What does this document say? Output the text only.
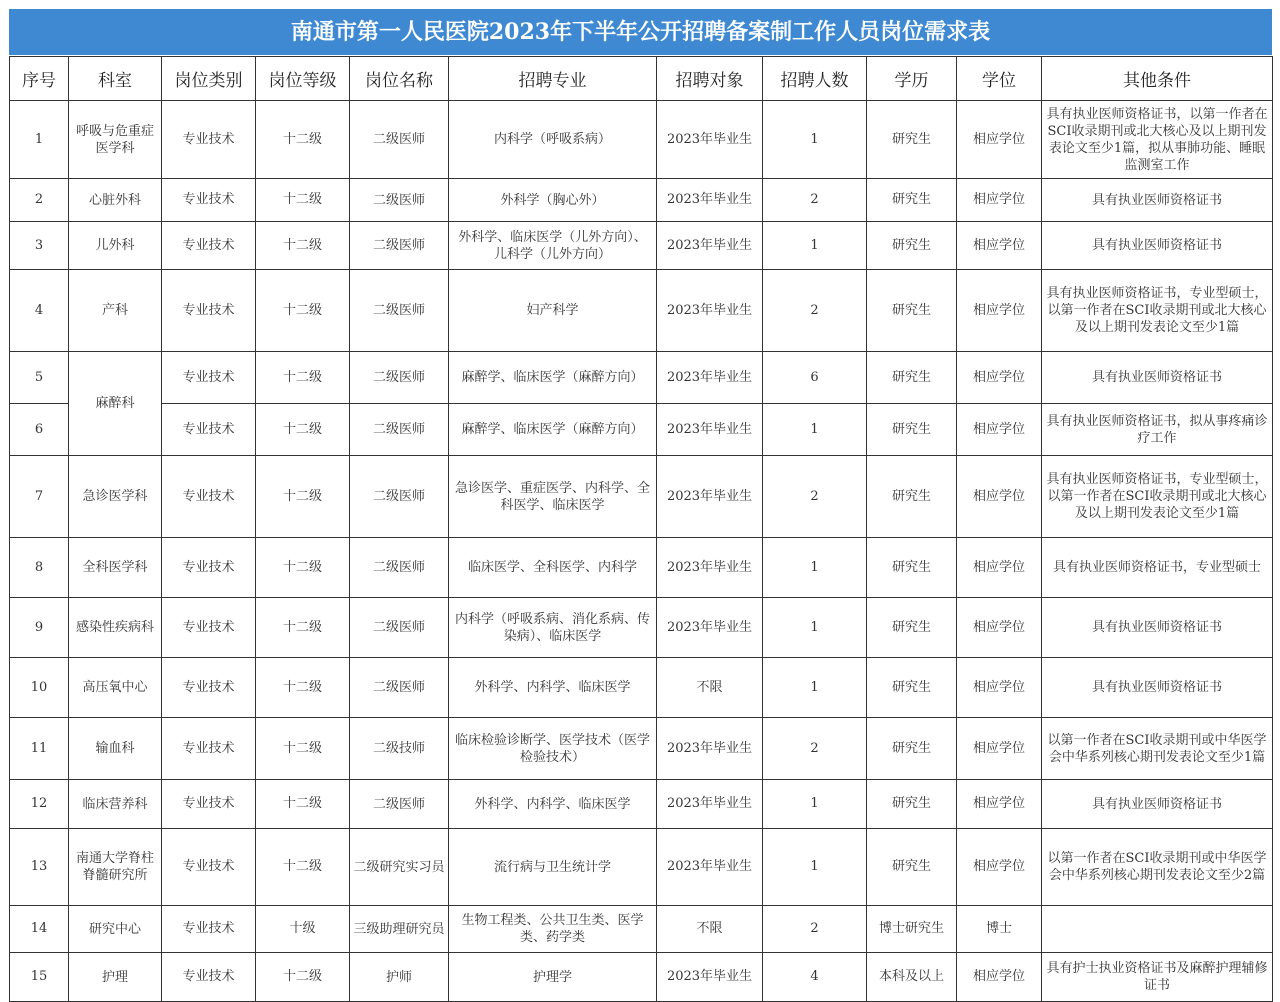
南通市第一人民医院2023年下半年公开招聘备案制工作人员岗位需求表
序号	科室	岗位类别	岗位等级	岗位名称	招聘专业	招聘对象	招聘人数	学历	学位	其他条件
1	呼吸与危重症医学科	专业技术	十二级	二级医师	内科学（呼吸系病）	2023年毕业生	1	研究生	相应学位	具有执业医师资格证书，以第一作者在SCI收录期刊或北大核心及以上期刊发表论文至少1篇，拟从事肺功能、睡眠监测室工作
2	心脏外科	专业技术	十二级	二级医师	外科学（胸心外）	2023年毕业生	2	研究生	相应学位	具有执业医师资格证书
3	儿外科	专业技术	十二级	二级医师	外科学、临床医学（儿外方向）、儿科学（儿外方向）	2023年毕业生	1	研究生	相应学位	具有执业医师资格证书
4	产科	专业技术	十二级	二级医师	妇产科学	2023年毕业生	2	研究生	相应学位	具有执业医师资格证书，专业型硕士，以第一作者在SCI收录期刊或北大核心及以上期刊发表论文至少1篇
5	麻醉科	专业技术	十二级	二级医师	麻醉学、临床医学（麻醉方向）	2023年毕业生	6	研究生	相应学位	具有执业医师资格证书
6		专业技术	十二级	二级医师	麻醉学、临床医学（麻醉方向）	2023年毕业生	1	研究生	相应学位	具有执业医师资格证书，拟从事疼痛诊疗工作
7	急诊医学科	专业技术	十二级	二级医师	急诊医学、重症医学、内科学、全科医学、临床医学	2023年毕业生	2	研究生	相应学位	具有执业医师资格证书，专业型硕士，以第一作者在SCI收录期刊或北大核心及以上期刊发表论文至少1篇
8	全科医学科	专业技术	十二级	二级医师	临床医学、全科医学、内科学	2023年毕业生	1	研究生	相应学位	具有执业医师资格证书，专业型硕士
9	感染性疾病科	专业技术	十二级	二级医师	内科学（呼吸系病、消化系病、传染病）、临床医学	2023年毕业生	1	研究生	相应学位	具有执业医师资格证书
10	高压氧中心	专业技术	十二级	二级医师	外科学、内科学、临床医学	不限	1	研究生	相应学位	具有执业医师资格证书
11	输血科	专业技术	十二级	二级技师	临床检验诊断学、医学技术（医学检验技术）	2023年毕业生	2	研究生	相应学位	以第一作者在SCI收录期刊或中华医学会中华系列核心期刊发表论文至少1篇
12	临床营养科	专业技术	十二级	二级医师	外科学、内科学、临床医学	2023年毕业生	1	研究生	相应学位	具有执业医师资格证书
13	南通大学脊柱脊髓研究所	专业技术	十二级	二级研究实习员	流行病与卫生统计学	2023年毕业生	1	研究生	相应学位	以第一作者在SCI收录期刊或中华医学会中华系列核心期刊发表论文至少2篇
14	研究中心	专业技术	十级	三级助理研究员	生物工程类、公共卫生类、医学类、药学类	不限	2	博士研究生	博士	
15	护理	专业技术	十二级	护师	护理学	2023年毕业生	4	本科及以上	相应学位	具有护士执业资格证书及麻醉护理辅修证书
